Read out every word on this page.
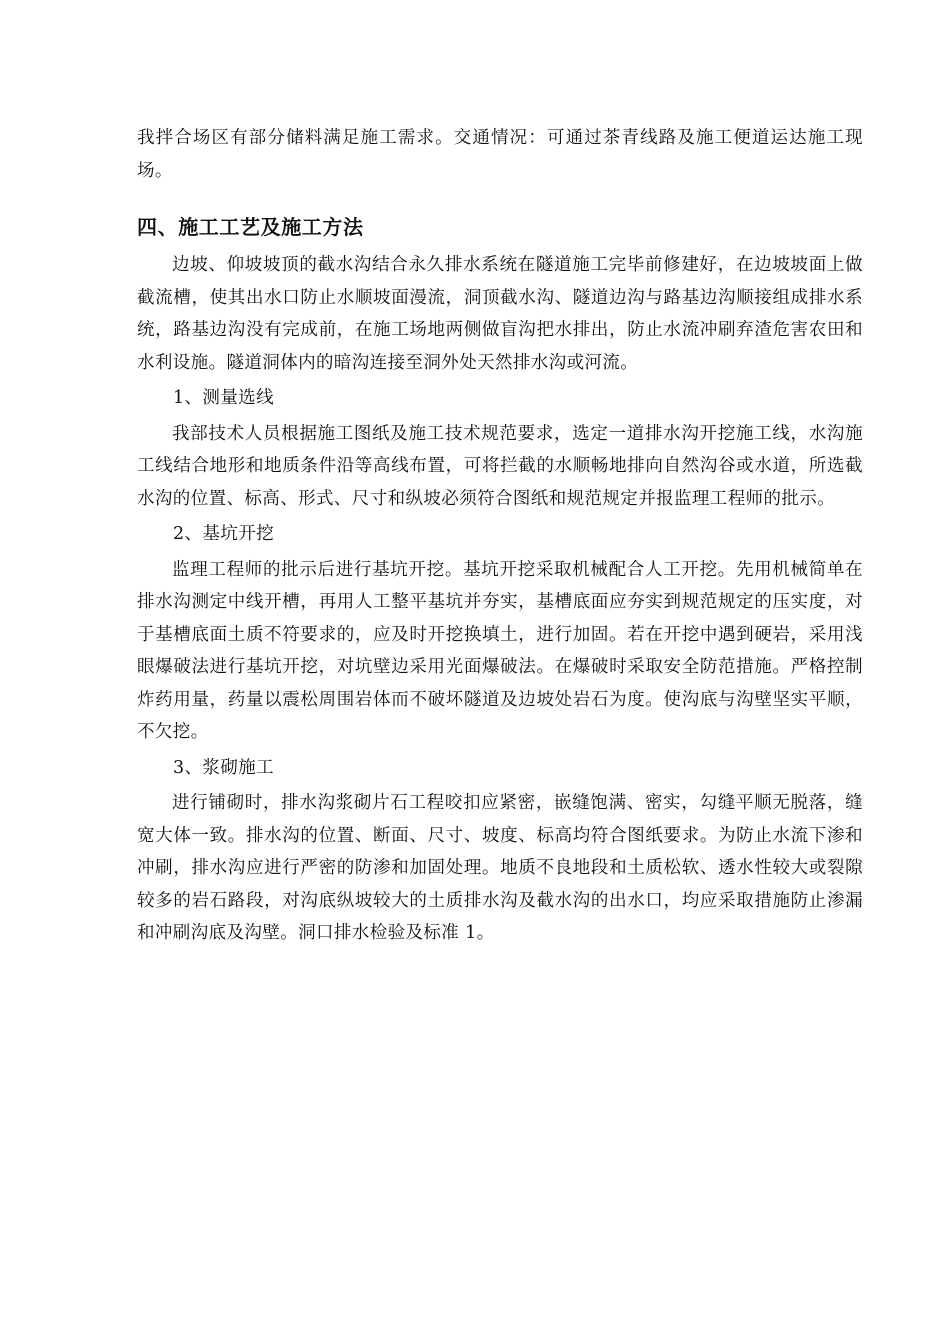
我拌合场区有部分储料满足施工需求。交通情况：可通过茶青线路及施工便道运达施工现场。

四、施工工艺及施工方法

边坡、仰坡坡顶的截水沟结合永久排水系统在隧道施工完毕前修建好，在边坡坡面上做截流槽，使其出水口防止水顺坡面漫流，洞顶截水沟、隧道边沟与路基边沟顺接组成排水系统，路基边沟没有完成前，在施工场地两侧做盲沟把水排出，防止水流冲刷弃渣危害农田和水利设施。隧道洞体内的暗沟连接至洞外处天然排水沟或河流。

1、测量选线

我部技术人员根据施工图纸及施工技术规范要求，选定一道排水沟开挖施工线，水沟施工线结合地形和地质条件沿等高线布置，可将拦截的水顺畅地排向自然沟谷或水道，所选截水沟的位置、标高、形式、尺寸和纵坡必须符合图纸和规范规定并报监理工程师的批示。

2、基坑开挖

监理工程师的批示后进行基坑开挖。基坑开挖采取机械配合人工开挖。先用机械简单在排水沟测定中线开槽，再用人工整平基坑并夯实，基槽底面应夯实到规范规定的压实度，对于基槽底面土质不符要求的，应及时开挖换填土，进行加固。若在开挖中遇到硬岩，采用浅眼爆破法进行基坑开挖，对坑壁边采用光面爆破法。在爆破时采取安全防范措施。严格控制炸药用量，药量以震松周围岩体而不破坏隧道及边坡处岩石为度。使沟底与沟壁坚实平顺，不欠挖。

3、浆砌施工

进行铺砌时，排水沟浆砌片石工程咬扣应紧密，嵌缝饱满、密实，勾缝平顺无脱落，缝宽大体一致。排水沟的位置、断面、尺寸、坡度、标高均符合图纸要求。为防止水流下渗和冲刷，排水沟应进行严密的防渗和加固处理。地质不良地段和土质松软、透水性较大或裂隙较多的岩石路段，对沟底纵坡较大的土质排水沟及截水沟的出水口，均应采取措施防止渗漏和冲刷沟底及沟壁。洞口排水检验及标准 1。
